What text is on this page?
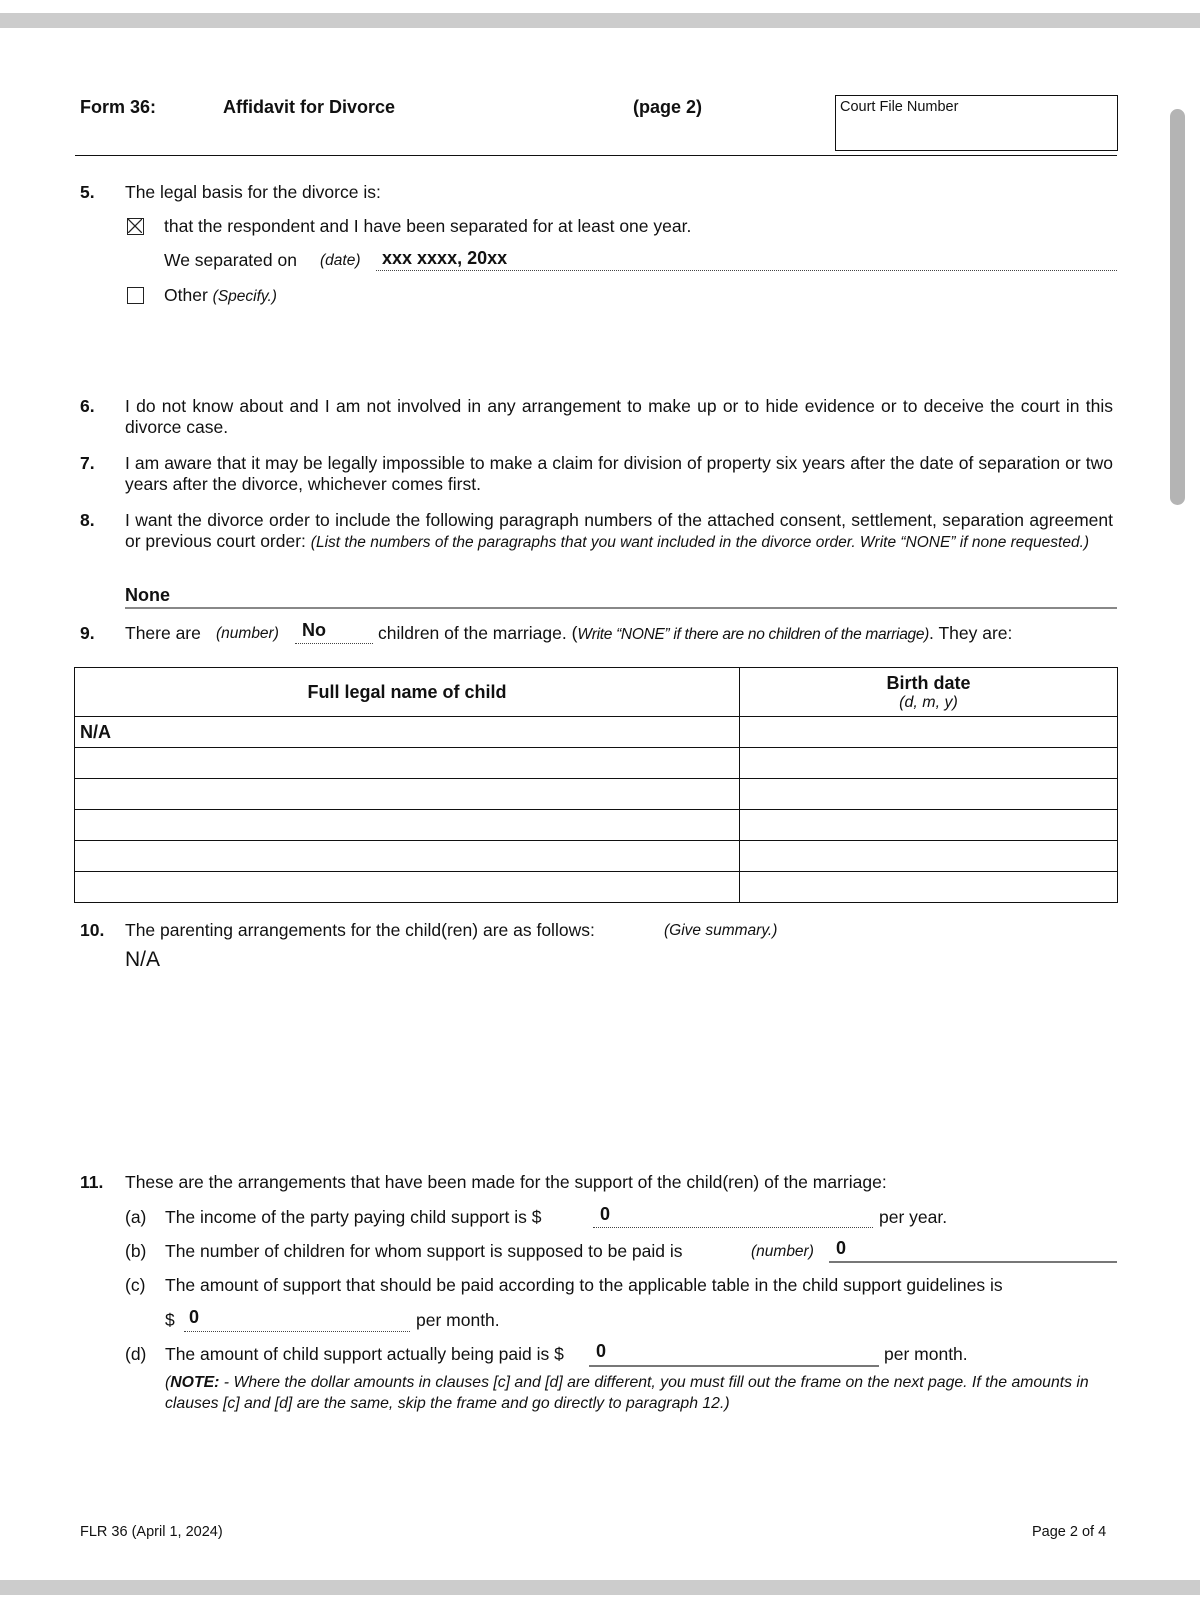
Form 36:	Affidavit for Divorce	(page 2)	Court File Number
5. The legal basis for the divorce is:
that the respondent and I have been separated for at least one year.
We separated on (date) xxx xxxx, 20xx
Other (Specify.)
6. I do not know about and I am not involved in any arrangement to make up or to hide evidence or to deceive the court in this divorce case.
7. I am aware that it may be legally impossible to make a claim for division of property six years after the date of separation or two years after the divorce, whichever comes first.
8. I want the divorce order to include the following paragraph numbers of the attached consent, settlement, separation agreement or previous court order: (List the numbers of the paragraphs that you want included in the divorce order. Write “NONE” if none requested.)
None
9. There are (number) No	children of the marriage. (Write “NONE” if there are no children of the marriage). They are:
Full legal name of child	Birth date
(d, m, y)

N/A	

10. The parenting arrangements for the child(ren) are as follows:	(Give summary.)
N/A
11. These are the arrangements that have been made for the support of the child(ren) of the marriage:
(a) The income of the party paying child support is $	0	per year.
(b) The number of children for whom support is supposed to be paid is	(number) 0
(c) The amount of support that should be paid according to the applicable table in the child support guidelines is
$ 0	per month.
(d) The amount of child support actually being paid is $ 0	per month.
(NOTE: - Where the dollar amounts in clauses [c] and [d] are different, you must fill out the frame on the next page. If the amounts in clauses [c] and [d] are the same, skip the frame and go directly to paragraph 12.)
FLR 36 (April 1, 2024)	Page 2 of 4
